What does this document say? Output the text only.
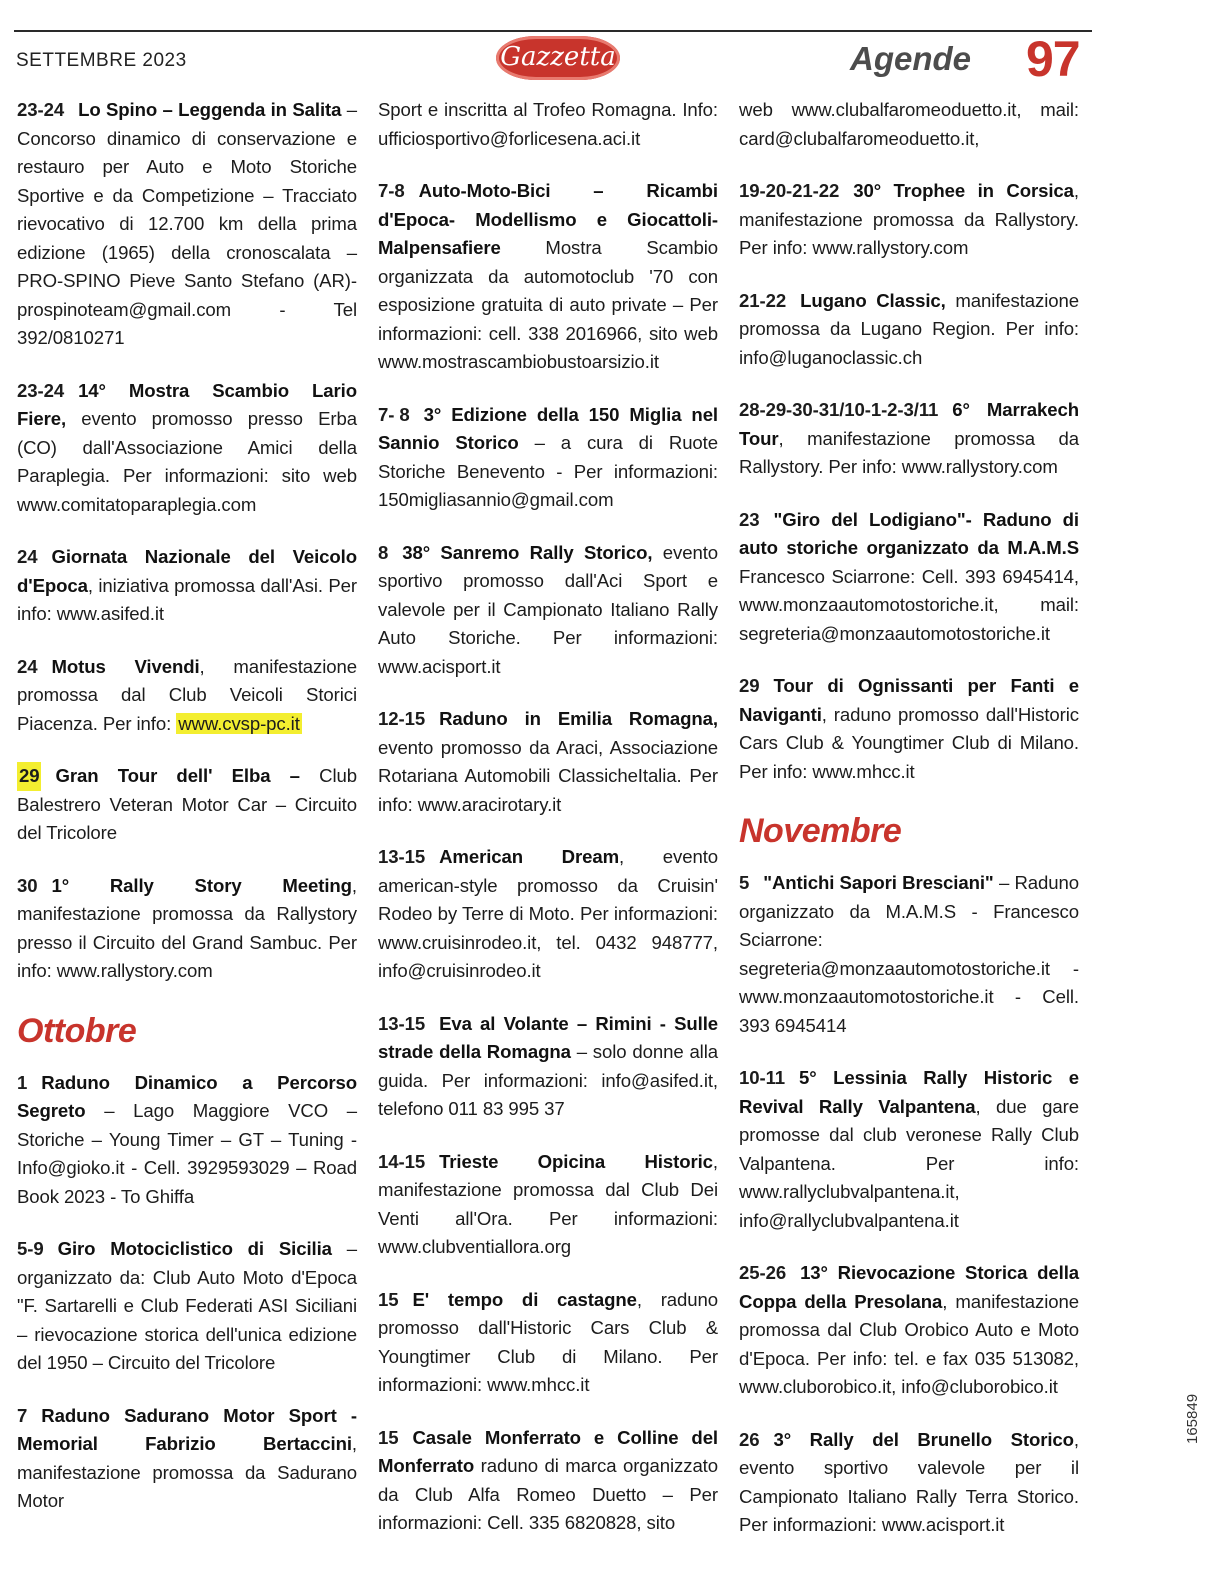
SETTEMBRE 2023	Gazzetta	Agende 97
23-24 Lo Spino – Leggenda in Salita – Concorso dinamico di conservazione e restauro per Auto e Moto Storiche Sportive e da Competizione – Tracciato rievocativo di 12.700 km della prima edizione (1965) della cronoscalata – PRO-SPINO Pieve Santo Stefano (AR)- prospinoteam@gmail.com - Tel 392/0810271
23-24 14° Mostra Scambio Lario Fiere, evento promosso presso Erba (CO) dall'Associazione Amici della Paraplegia. Per informazioni: sito web www.comitatoparaplegia.com
24 Giornata Nazionale del Veicolo d'Epoca, iniziativa promossa dall'Asi. Per info: www.asifed.it
24 Motus Vivendi, manifestazione promossa dal Club Veicoli Storici Piacenza. Per info: www.cvsp-pc.it
29 Gran Tour dell' Elba – Club Balestrero Veteran Motor Car – Circuito del Tricolore
30 1° Rally Story Meeting, manifestazione promossa da Rallystory presso il Circuito del Grand Sambuc. Per info: www.rallystory.com
Ottobre
1 Raduno Dinamico a Percorso Segreto – Lago Maggiore VCO – Storiche – Young Timer – GT – Tuning - Info@gioko.it - Cell. 3929593029 – Road Book 2023 - To Ghiffa
5-9 Giro Motociclistico di Sicilia – organizzato da: Club Auto Moto d'Epoca "F. Sartarelli e Club Federati ASI Siciliani – rievocazione storica dell'unica edizione del 1950 – Circuito del Tricolore
7 Raduno Sadurano Motor Sport - Memorial Fabrizio Bertaccini, manifestazione promossa da Sadurano Motor
Sport e inscritta al Trofeo Romagna. Info: ufficiosportivo@forlicesena.aci.it
7-8 Auto-Moto-Bici – Ricambi d'Epoca- Modellismo e Giocattoli- Malpensafiere Mostra Scambio organizzata da automotoclub '70 con esposizione gratuita di auto private – Per informazioni: cell. 338 2016966, sito web www.mostrascambiobustoarsizio.it
7- 8 3° Edizione della 150 Miglia nel Sannio Storico – a cura di Ruote Storiche Benevento - Per informazioni: 150migliasannio@gmail.com
8 38° Sanremo Rally Storico, evento sportivo promosso dall'Aci Sport e valevole per il Campionato Italiano Rally Auto Storiche. Per informazioni: www.acisport.it
12-15 Raduno in Emilia Romagna, evento promosso da Araci, Associazione Rotariana Automobili ClassicheItalia. Per info: www.aracirotary.it
13-15 American Dream, evento american-style promosso da Cruisin' Rodeo by Terre di Moto. Per informazioni: www.cruisinrodeo.it, tel. 0432 948777, info@cruisinrodeo.it
13-15 Eva al Volante – Rimini - Sulle strade della Romagna – solo donne alla guida. Per informazioni: info@asifed.it, telefono 011 83 995 37
14-15 Trieste Opicina Historic, manifestazione promossa dal Club Dei Venti all'Ora. Per informazioni: www.clubventiallora.org
15 E' tempo di castagne, raduno promosso dall'Historic Cars Club & Youngtimer Club di Milano. Per informazioni: www.mhcc.it
15 Casale Monferrato e Colline del Monferrato raduno di marca organizzato da Club Alfa Romeo Duetto – Per informazioni: Cell. 335 6820828, sito
web www.clubalfaromeoduetto.it, mail: card@clubalfaromeoduetto.it,
19-20-21-22 30° Trophee in Corsica, manifestazione promossa da Rallystory. Per info: www.rallystory.com
21-22 Lugano Classic, manifestazione promossa da Lugano Region. Per info: info@luganoclassic.ch
28-29-30-31/10-1-2-3/11 6° Marrakech Tour, manifestazione promossa da Rallystory. Per info: www.rallystory.com
23 "Giro del Lodigiano"- Raduno di auto storiche organizzato da M.A.M.S Francesco Sciarrone: Cell. 393 6945414, www.monzaautomotostoriche.it, mail: segreteria@monzaautomotostoriche.it
29 Tour di Ognissanti per Fanti e Naviganti, raduno promosso dall'Historic Cars Club & Youngtimer Club di Milano. Per info: www.mhcc.it
Novembre
5 "Antichi Sapori Bresciani" – Raduno organizzato da M.A.M.S - Francesco Sciarrone: segreteria@monzaautomotostoriche.it - www.monzaautomotostoriche.it - Cell. 393 6945414
10-11 5° Lessinia Rally Historic e Revival Rally Valpantena, due gare promosse dal club veronese Rally Club Valpantena. Per info: www.rallyclubvalpantena.it, info@rallyclubvalpantena.it
25-26 13° Rievocazione Storica della Coppa della Presolana, manifestazione promossa dal Club Orobico Auto e Moto d'Epoca. Per info: tel. e fax 035 513082, www.cluborobico.it, info@cluborobico.it
26 3° Rally del Brunello Storico, evento sportivo valevole per il Campionato Italiano Rally Terra Storico. Per informazioni: www.acisport.it
165849
